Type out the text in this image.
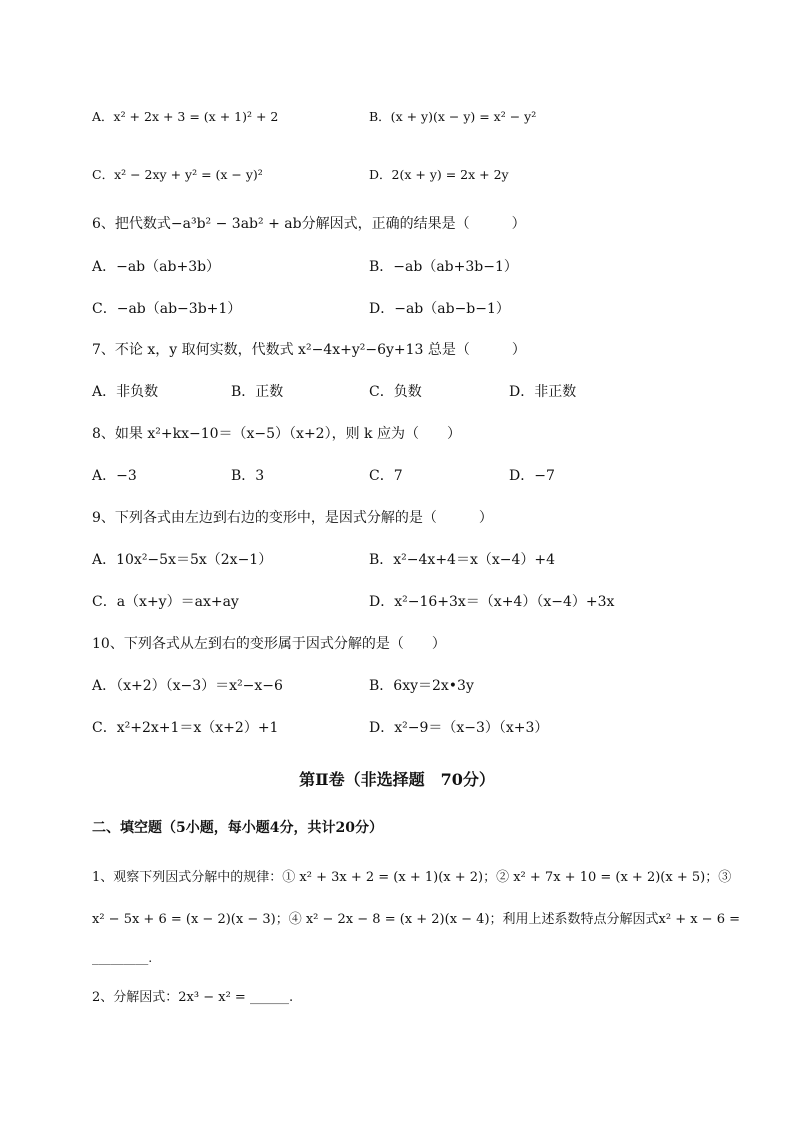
A．x² + 2x + 3 = (x + 1)² + 2	B．(x + y)(x − y) = x² − y²
C．x² − 2xy + y² = (x − y)²	D．2(x + y) = 2x + 2y
6、把代数式−a³b² − 3ab² + ab分解因式，正确的结果是（　　　）
A．−ab（ab+3b）	B．−ab（ab+3b−1）
C．−ab（ab−3b+1）	D．−ab（ab−b−1）
7、不论 x，y 取何实数，代数式 x²−4x+y²−6y+13 总是（　　　）
A．非负数	B．正数	C．负数	D．非正数
8、如果 x²+kx−10＝（x−5）（x+2），则 k 应为（　　）
A．−3	B．3	C．7	D．−7
9、下列各式由左边到右边的变形中，是因式分解的是（　　　）
A．10x²−5x＝5x（2x−1）	B．x²−4x+4＝x（x−4）+4
C．a（x+y）＝ax+ay	D．x²−16+3x＝（x+4）（x−4）+3x
10、下列各式从左到右的变形属于因式分解的是（　　）
A．（x+2）（x−3）＝x²−x−6	B．6xy＝2x•3y
C．x²+2x+1＝x（x+2）+1	D．x²−9＝（x−3）（x+3）
第Ⅱ卷（非选择题　70分）
二、填空题（5小题，每小题4分，共计20分）
1、观察下列因式分解中的规律：① x² + 3x + 2 = (x + 1)(x + 2)；② x² + 7x + 10 = (x + 2)(x + 5)；③
x² − 5x + 6 = (x − 2)(x − 3)；④ x² − 2x − 8 = (x + 2)(x − 4)；利用上述系数特点分解因式x² + x − 6 =
_________.
2、分解因式：2x³ − x² = ______.
